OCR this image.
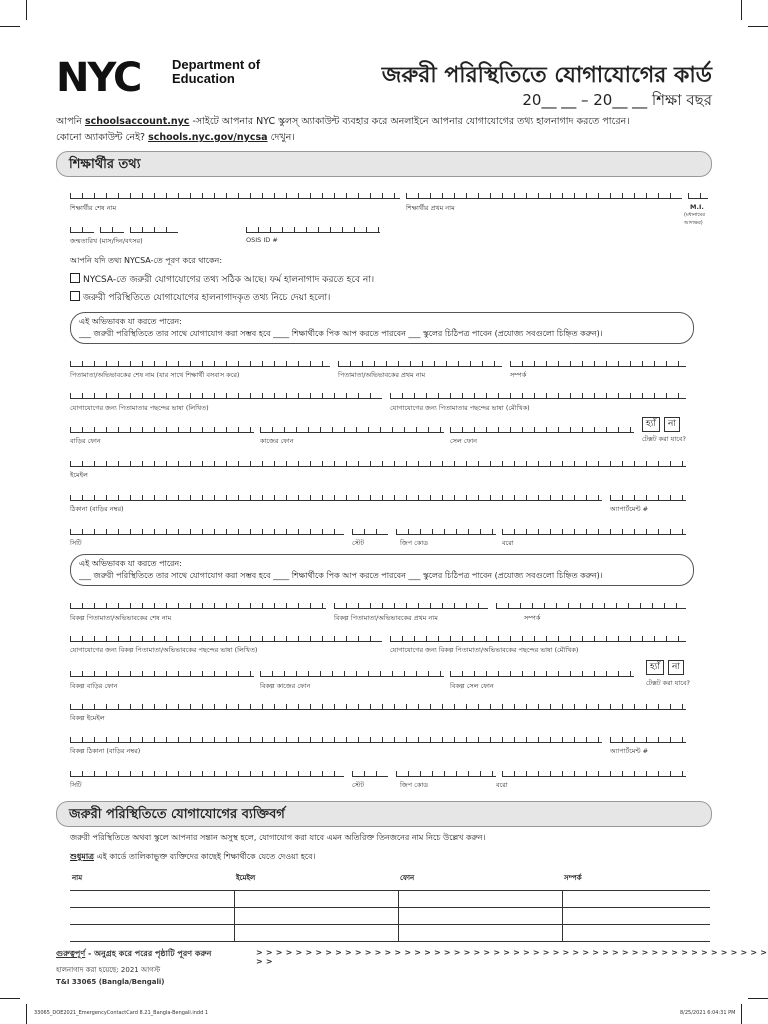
NYC Department of
Education	জরুরী পরিস্থিতিতে যোগাযোগের কার্ড
20__ __ – 20__ __ শিক্ষা বছর
আপনি schoolsaccount.nyc -সাইটে আপনার NYC স্কুলস্ অ্যাকাউন্ট ব্যবহার করে অনলাইনে আপনার যোগাযোগের তথ্য হালনাগাদ করতে পারেন।
কোনো অ্যাকাউন্ট নেই? schools.nyc.gov/nycsa দেখুন।
শিক্ষার্থীর তথ্য
শিক্ষার্থীর শেষ নাম	শিক্ষার্থীর প্রথম নাম	M.I.
(মধ্যনামের আদ্যক্ষর)
জন্মতারিখ (মাস/দিন/বৎসর)	OSIS ID #
আপনি যদি তথ্য NYCSA-তে পূরণ করে থাকেন:
NYCSA-তে জরুরী যোগাযোগের তথ্য সঠিক আছে। ফর্ম হালনাগাদ করতে হবে না।
জরুরী পরিস্থিতিতে যোগাযোগের হালনাগাদকৃত তথ্য নিচে দেয়া হলো।
এই অভিভাবক যা করতে পারেন:
___ জরুরী পরিস্থিতিতে তার সাথে যোগাযোগ করা সম্ভব হবে ____ শিক্ষার্থীকে পিক আপ করতে পারবেন ___ স্কুলের চিঠিপত্র পাবেন (প্রযোজ্য সবগুলো চিহ্নিত করুন)।
পিতামাতা/অভিভাবকের শেষ নাম (যার সাথে শিক্ষার্থী বসবাস করে)	পিতামাতা/অভিভাবকের প্রথম নাম	সম্পর্ক
যোগাযোগের জন্য পিতামাতার পছন্দের ভাষা (লিখিত)	যোগাযোগের জন্য পিতামাতার পছন্দের ভাষা (মৌখিক)
হ্যাঁ	না
বাড়ির ফোন	কাজের ফোন	সেল ফোন	টেক্সট করা যাবে?
ইমেইল
ঠিকানা (বাড়ির নম্বর)	অ্যাপার্টমেন্ট #
সিটি	স্টেট	জিপ কোড	বরো
এই অভিভাবক যা করতে পারেন:
___ জরুরী পরিস্থিতিতে তার সাথে যোগাযোগ করা সম্ভব হবে ____ শিক্ষার্থীকে পিক আপ করতে পারবেন ___ স্কুলের চিঠিপত্র পাবেন (প্রযোজ্য সবগুলো চিহ্নিত করুন)।
বিকল্প পিতামাতা/অভিভাবকের শেষ নাম	বিকল্প পিতামাতা/অভিভাবকের প্রথম নাম	সম্পর্ক
যোগাযোগের জন্য বিকল্প পিতামাতা/অভিভাবকের পছন্দের ভাষা (লিখিত)	যোগাযোগের জন্য বিকল্প পিতামাতা/অভিভাবকের পছন্দের ভাষা (মৌখিক)
হ্যাঁ	না
বিকল্প বাড়ির ফোন	বিকল্প কাজের ফোন	বিকল্প সেল ফোন	টেক্সট করা যাবে?
বিকল্প ইমেইল
বিকল্প ঠিকানা (বাড়ির নম্বর)	অ্যাপার্টমেন্ট #
সিটি	স্টেট	জিপ কোড	বরো
জরুরী পরিস্থিতিতে যোগাযোগের ব্যক্তিবর্গ
জরুরী পরিস্থিতিতে অথবা স্কুলে আপনার সন্তান অসুস্থ হলে, যোগাযোগ করা যাবে এমন অতিরিক্ত তিনজনের নাম নিচে উল্লেখ করুন।
শুধুমাত্র এই কার্ডে তালিকাভুক্ত ব্যক্তিদের কাছেই শিক্ষার্থীকে যেতে দেওয়া হবে।
নাম	ইমেইল	ফোন	সম্পর্ক

গুরুত্বপূর্ণ - অনুগ্রহ করে পরের পৃষ্ঠাটি পূরণ করুন	> > > > > > > > > > > > > > > > > > > > > > > > > > > > > > > > > > > > > > > > > > > > > > > > > > > > > >
হালনাগাদ করা হয়েছে: 2021 আগস্ট
T&I 33065 (Bangla/Bengali)
33065_DOE2021_EmergencyContactCard 8.21_Bangla-Bengali.indd 1	8/25/2021 6:04:31 PM
